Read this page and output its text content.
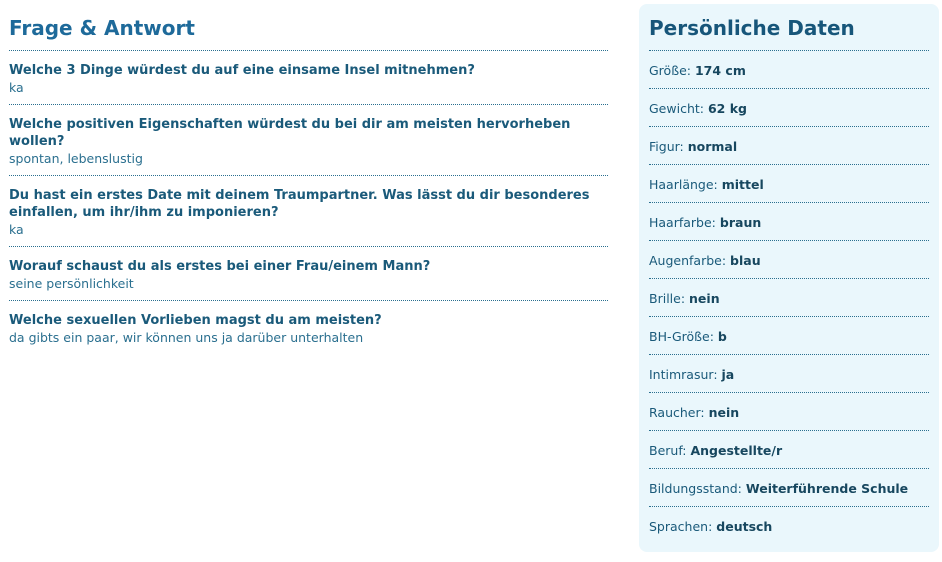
Frage & Antwort
Welche 3 Dinge würdest du auf eine einsame Insel mitnehmen?
ka
Welche positiven Eigenschaften würdest du bei dir am meisten hervorheben wollen?
spontan, lebenslustig
Du hast ein erstes Date mit deinem Traumpartner. Was lässt du dir besonderes einfallen, um ihr/ihm zu imponieren?
ka
Worauf schaust du als erstes bei einer Frau/einem Mann?
seine persönlichkeit
Welche sexuellen Vorlieben magst du am meisten?
da gibts ein paar, wir können uns ja darüber unterhalten
Persönliche Daten
Größe: 174 cm
Gewicht: 62 kg
Figur: normal
Haarlänge: mittel
Haarfarbe: braun
Augenfarbe: blau
Brille: nein
BH-Größe: b
Intimrasur: ja
Raucher: nein
Beruf: Angestellte/r
Bildungsstand: Weiterführende Schule
Sprachen: deutsch
